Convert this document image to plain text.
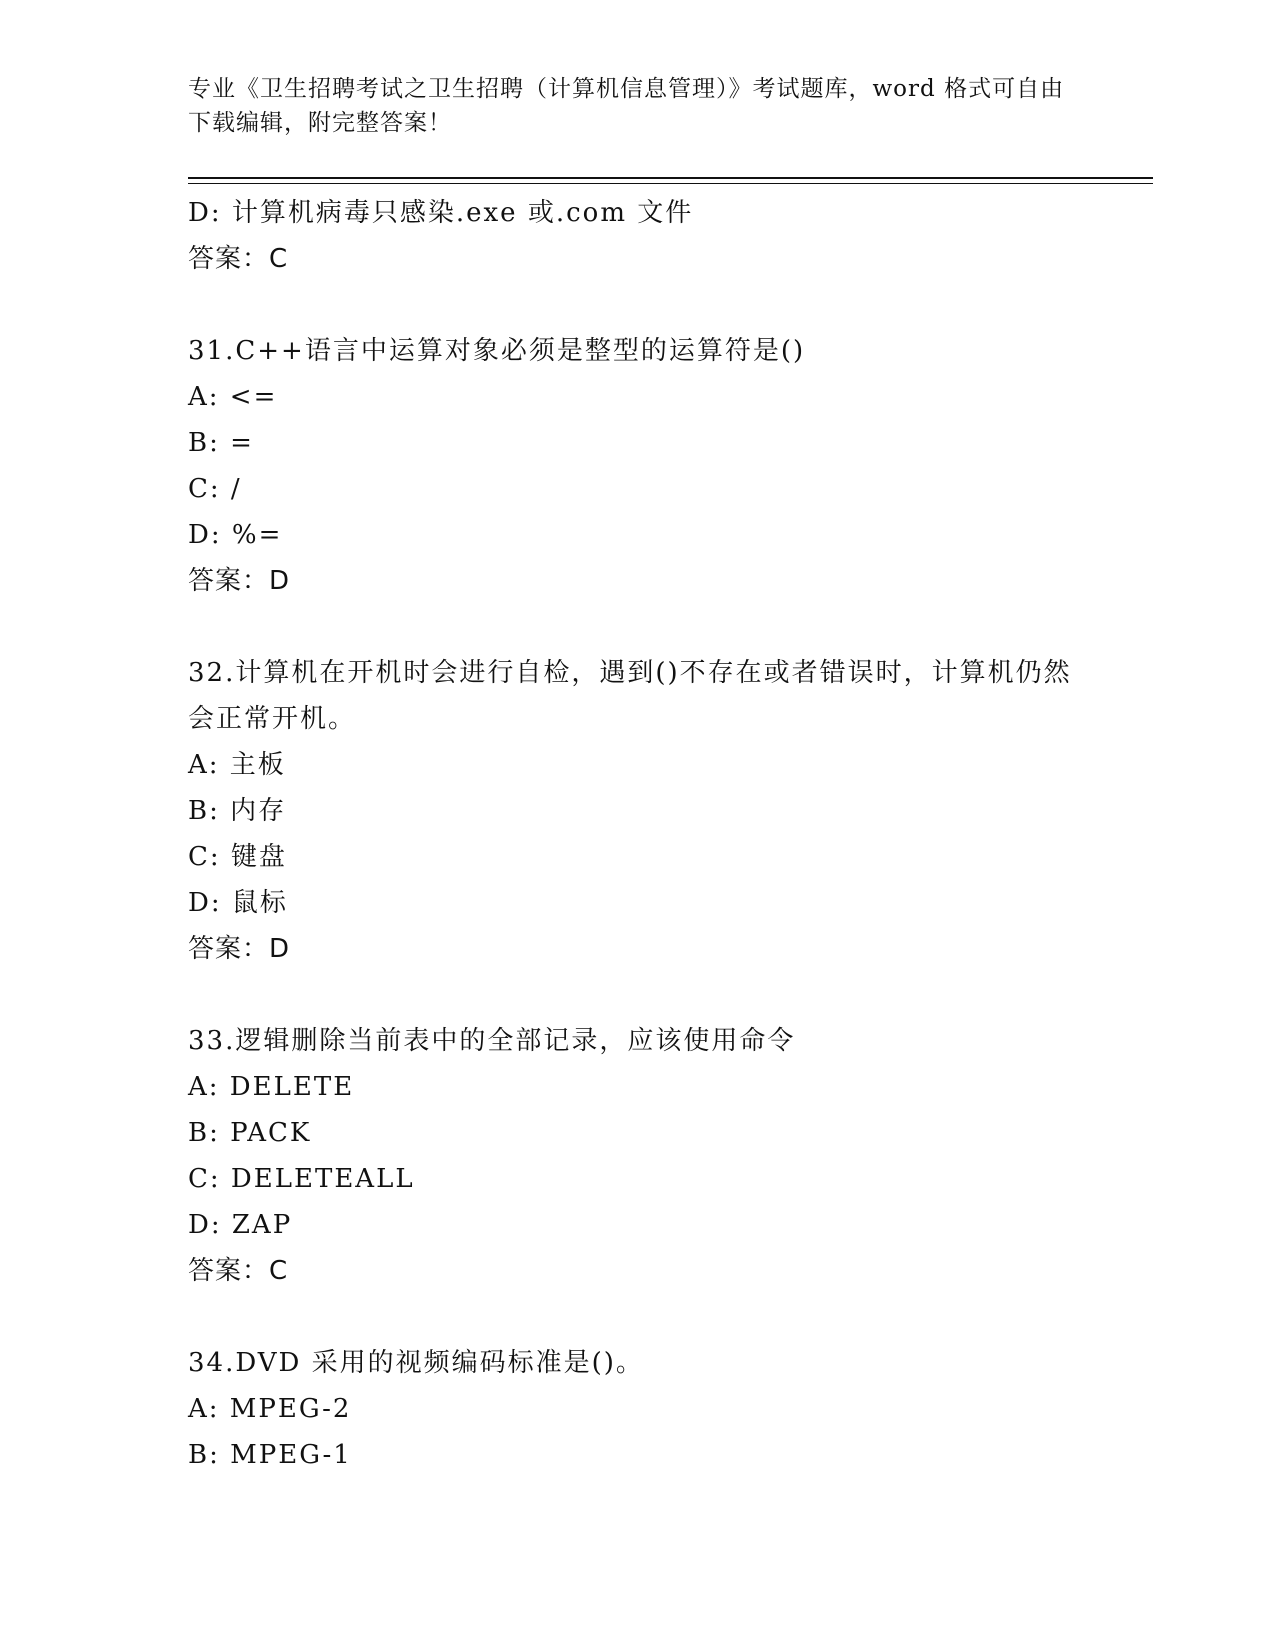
专业《卫生招聘考试之卫生招聘（计算机信息管理）》考试题库，word 格式可自由下载编辑，附完整答案！
D: 计算机病毒只感染.exe 或.com 文件
答案：C
31.C++语言中运算对象必须是整型的运算符是()
A: <=
B: =
C: /
D: %=
答案：D
32.计算机在开机时会进行自检，遇到()不存在或者错误时，计算机仍然会正常开机。
A: 主板
B: 内存
C: 键盘
D: 鼠标
答案：D
33.逻辑删除当前表中的全部记录，应该使用命令
A: DELETE
B: PACK
C: DELETEALL
D: ZAP
答案：C
34.DVD 采用的视频编码标准是()。
A: MPEG-2
B: MPEG-1
